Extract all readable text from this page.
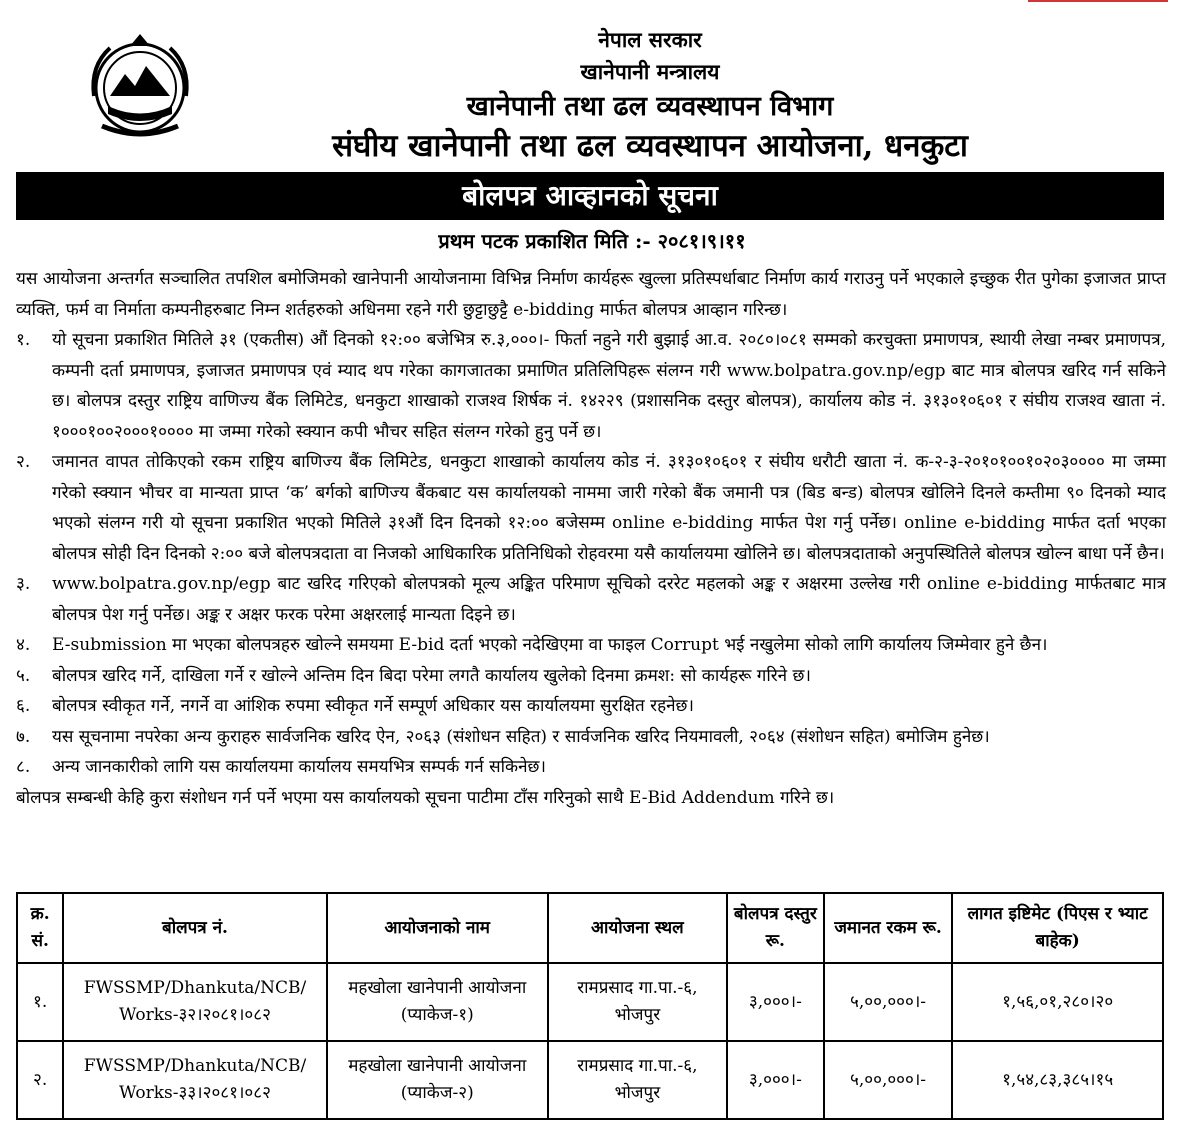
नेपाल सरकार
खानेपानी मन्त्रालय
खानेपानी तथा ढल व्यवस्थापन विभाग
संघीय खानेपानी तथा ढल व्यवस्थापन आयोजना, धनकुटा
बोलपत्र आव्हानको सूचना
प्रथम पटक प्रकाशित मिति :- २०८१।९।११

यस आयोजना अन्तर्गत सञ्चालित तपशिल बमोजिमको खानेपानी आयोजनामा विभिन्न निर्माण कार्यहरू खुल्ला प्रतिस्पर्धाबाट निर्माण कार्य गराउनु पर्ने भएकाले इच्छुक रीत पुगेका इजाजत प्राप्त व्यक्ति, फर्म वा निर्माता कम्पनीहरुबाट निम्न शर्तहरुको अधिनमा रहने गरी छुट्टाछुट्टै e-bidding मार्फत बोलपत्र आव्हान गरिन्छ।

१. यो सूचना प्रकाशित मितिले ३१ (एकतीस) औं दिनको १२:०० बजेभित्र रु.३,०००।- फिर्ता नहुने गरी बुझाई आ.व. २०८०।०८१ सम्मको करचुक्ता प्रमाणपत्र, स्थायी लेखा नम्बर प्रमाणपत्र, कम्पनी दर्ता प्रमाणपत्र, इजाजत प्रमाणपत्र एवं म्याद थप गरेका कागजातका प्रमाणित प्रतिलिपिहरू संलग्न गरी www.bolpatra.gov.np/egp बाट मात्र बोलपत्र खरिद गर्न सकिने छ। बोलपत्र दस्तुर राष्ट्रिय वाणिज्य बैंक लिमिटेड, धनकुटा शाखाको राजश्व शिर्षक नं. १४२२९ (प्रशासनिक दस्तुर बोलपत्र), कार्यालय कोड नं. ३१३०१०६०१ र संघीय राजश्व खाता नं. १०००१००२०००१०००० मा जम्मा गरेको स्क्यान कपी भौचर सहित संलग्न गरेको हुनु पर्ने छ।
२. जमानत वापत तोकिएको रकम राष्ट्रिय बाणिज्य बैंक लिमिटेड, धनकुटा शाखाको कार्यालय कोड नं. ३१३०१०६०१ र संघीय धरौटी खाता नं. क-२-३-२०१०१००१०२०३०००० मा जम्मा गरेको स्क्यान भौचर वा मान्यता प्राप्त ‘क’ बर्गको बाणिज्य बैंकबाट यस कार्यालयको नाममा जारी गरेको बैंक जमानी पत्र (बिड बन्ड) बोलपत्र खोलिने दिनले कम्तीमा ९० दिनको म्याद भएको संलग्न गरी यो सूचना प्रकाशित भएको मितिले ३१औं दिन दिनको १२:०० बजेसम्म online e-bidding मार्फत पेश गर्नु पर्नेछ। online e-bidding मार्फत दर्ता भएका बोलपत्र सोही दिन दिनको २:०० बजे बोलपत्रदाता वा निजको आधिकारिक प्रतिनिधिको रोहवरमा यसै कार्यालयमा खोलिने छ। बोलपत्रदाताको अनुपस्थितिले बोलपत्र खोल्न बाधा पर्ने छैन।
३. www.bolpatra.gov.np/egp बाट खरिद गरिएको बोलपत्रको मूल्य अङ्कित परिमाण सूचिको दररेट महलको अङ्क र अक्षरमा उल्लेख गरी online e-bidding मार्फतबाट मात्र बोलपत्र पेश गर्नु पर्नेछ। अङ्क र अक्षर फरक परेमा अक्षरलाई मान्यता दिइने छ।
४. E-submission मा भएका बोलपत्रहरु खोल्ने समयमा E-bid दर्ता भएको नदेखिएमा वा फाइल Corrupt भई नखुलेमा सोको लागि कार्यालय जिम्मेवार हुने छैन।
५. बोलपत्र खरिद गर्ने, दाखिला गर्ने र खोल्ने अन्तिम दिन बिदा परेमा लगतै कार्यालय खुलेको दिनमा क्रमश: सो कार्यहरू गरिने छ।
६. बोलपत्र स्वीकृत गर्ने, नगर्ने वा आंशिक रुपमा स्वीकृत गर्ने सम्पूर्ण अधिकार यस कार्यालयमा सुरक्षित रहनेछ।
७. यस सूचनामा नपरेका अन्य कुराहरु सार्वजनिक खरिद ऐन, २०६३ (संशोधन सहित) र सार्वजनिक खरिद नियमावली, २०६४ (संशोधन सहित) बमोजिम हुनेछ।
८. अन्य जानकारीको लागि यस कार्यालयमा कार्यालय समयभित्र सम्पर्क गर्न सकिनेछ।

बोलपत्र सम्बन्धी केहि कुरा संशोधन गर्न पर्ने भएमा यस कार्यालयको सूचना पाटीमा टाँस गरिनुको साथै E-Bid Addendum गरिने छ।

क्र. सं.	बोलपत्र नं.	आयोजनाको नाम	आयोजना स्थल	बोलपत्र दस्तुर रू.	जमानत रकम रू.	लागत इष्टिमेट (पिएस र भ्याट बाहेक)
१.	FWSSMP/Dhankuta/NCB/ Works-३२।२०८१।०८२	महखोला खानेपानी आयोजना (प्याकेज-१)	रामप्रसाद गा.पा.-६, भोजपुर	३,०००।-	५,००,०००।-	१,५६,०१,२८०।२०
२.	FWSSMP/Dhankuta/NCB/ Works-३३।२०८१।०८२	महखोला खानेपानी आयोजना (प्याकेज-२)	रामप्रसाद गा.पा.-६, भोजपुर	३,०००।-	५,००,०००।-	१,५४,८३,३८५।१५
